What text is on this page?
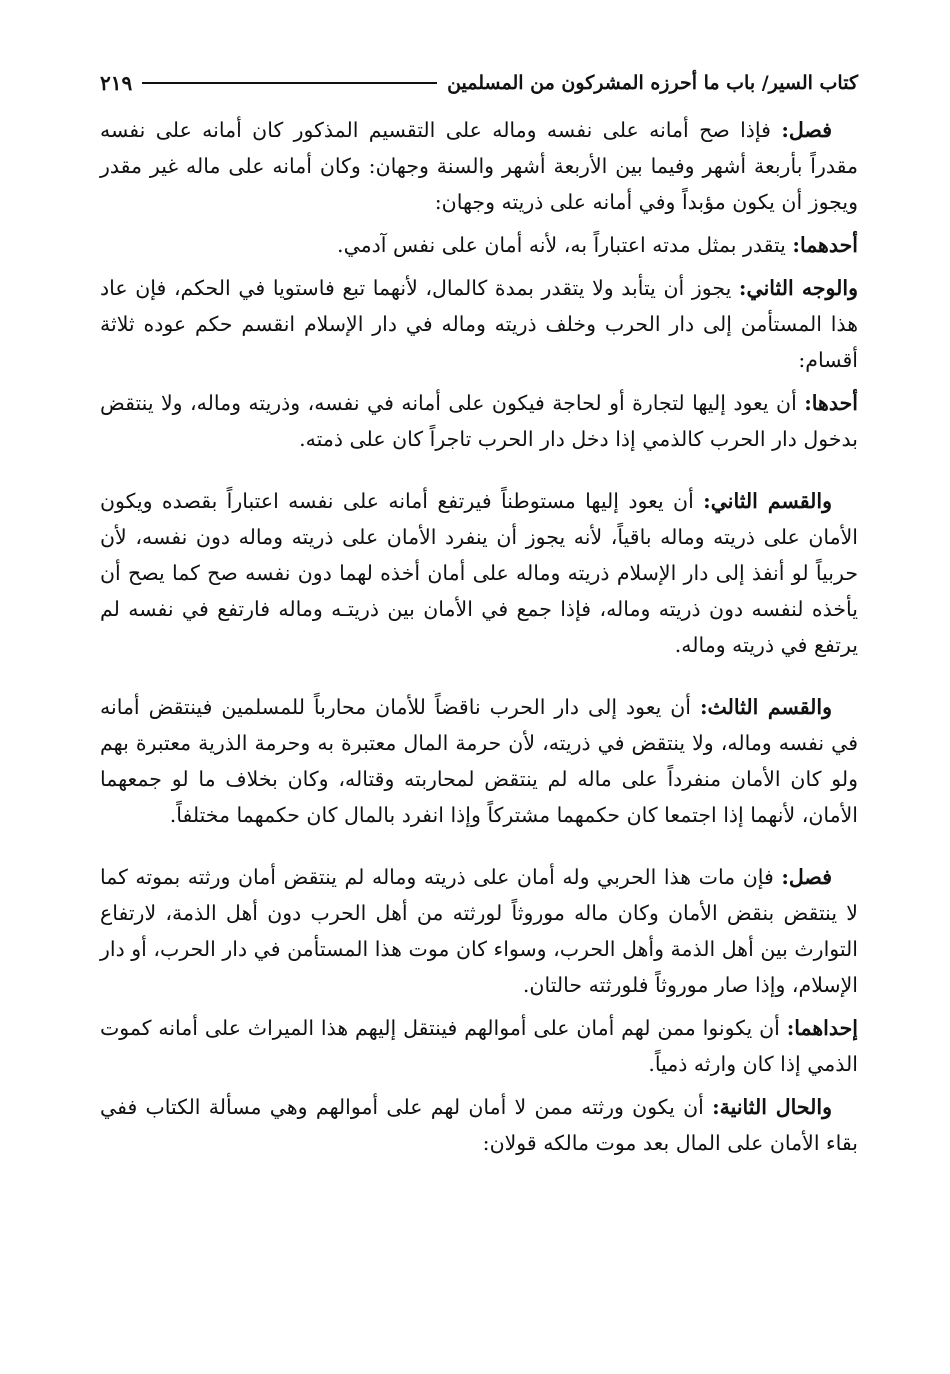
كتاب السير/ باب ما أحرزه المشركون من المسلمين
٢١٩

فصل: فإذا صح أمانه على نفسه وماله على التقسيم المذكور كان أمانه على نفسه مقدراً بأربعة أشهر وفيما بين الأربعة أشهر والسنة وجهان: وكان أمانه على ماله غير مقدر ويجوز أن يكون مؤبداً وفي أمانه على ذريته وجهان:

أحدهما: يتقدر بمثل مدته اعتباراً به، لأنه أمان على نفس آدمي.

والوجه الثاني: يجوز أن يتأبد ولا يتقدر بمدة كالمال، لأنهما تبع فاستويا في الحكم، فإن عاد هذا المستأمن إلى دار الحرب وخلف ذريته وماله في دار الإسلام انقسم حكم عوده ثلاثة أقسام:

أحدها: أن يعود إليها لتجارة أو لحاجة فيكون على أمانه في نفسه، وذريته وماله، ولا ينتقض بدخول دار الحرب كالذمي إذا دخل دار الحرب تاجراً كان على ذمته.

والقسم الثاني: أن يعود إليها مستوطناً فيرتفع أمانه على نفسه اعتباراً بقصده ويكون الأمان على ذريته وماله باقياً، لأنه يجوز أن ينفرد الأمان على ذريته وماله دون نفسه، لأن حربياً لو أنفذ إلى دار الإسلام ذريته وماله على أمان أخذه لهما دون نفسه صح كما يصح أن يأخذه لنفسه دون ذريته وماله، فإذا جمع في الأمان بين ذريتـه وماله فارتفع في نفسه لم يرتفع في ذريته وماله.

والقسم الثالث: أن يعود إلى دار الحرب ناقضاً للأمان محارباً للمسلمين فينتقض أمانه في نفسه وماله، ولا ينتقض في ذريته، لأن حرمة المال معتبرة به وحرمة الذرية معتبرة بهم ولو كان الأمان منفرداً على ماله لم ينتقض لمحاربته وقتاله، وكان بخلاف ما لو جمعهما الأمان، لأنهما إذا اجتمعا كان حكمهما مشتركاً وإذا انفرد بالمال كان حكمهما مختلفاً.

فصل: فإن مات هذا الحربي وله أمان على ذريته وماله لم ينتقض أمان ورثته بموته كما لا ينتقض بنقض الأمان وكان ماله موروثاً لورثته من أهل الحرب دون أهل الذمة، لارتفاع التوارث بين أهل الذمة وأهل الحرب، وسواء كان موت هذا المستأمن في دار الحرب، أو دار الإسلام، وإذا صار موروثاً فلورثته حالتان.

إحداهما: أن يكونوا ممن لهم أمان على أموالهم فينتقل إليهم هذا الميراث على أمانه كموت الذمي إذا كان وارثه ذمياً.

والحال الثانية: أن يكون ورثته ممن لا أمان لهم على أموالهم وهي مسألة الكتاب ففي بقاء الأمان على المال بعد موت مالكه قولان:
